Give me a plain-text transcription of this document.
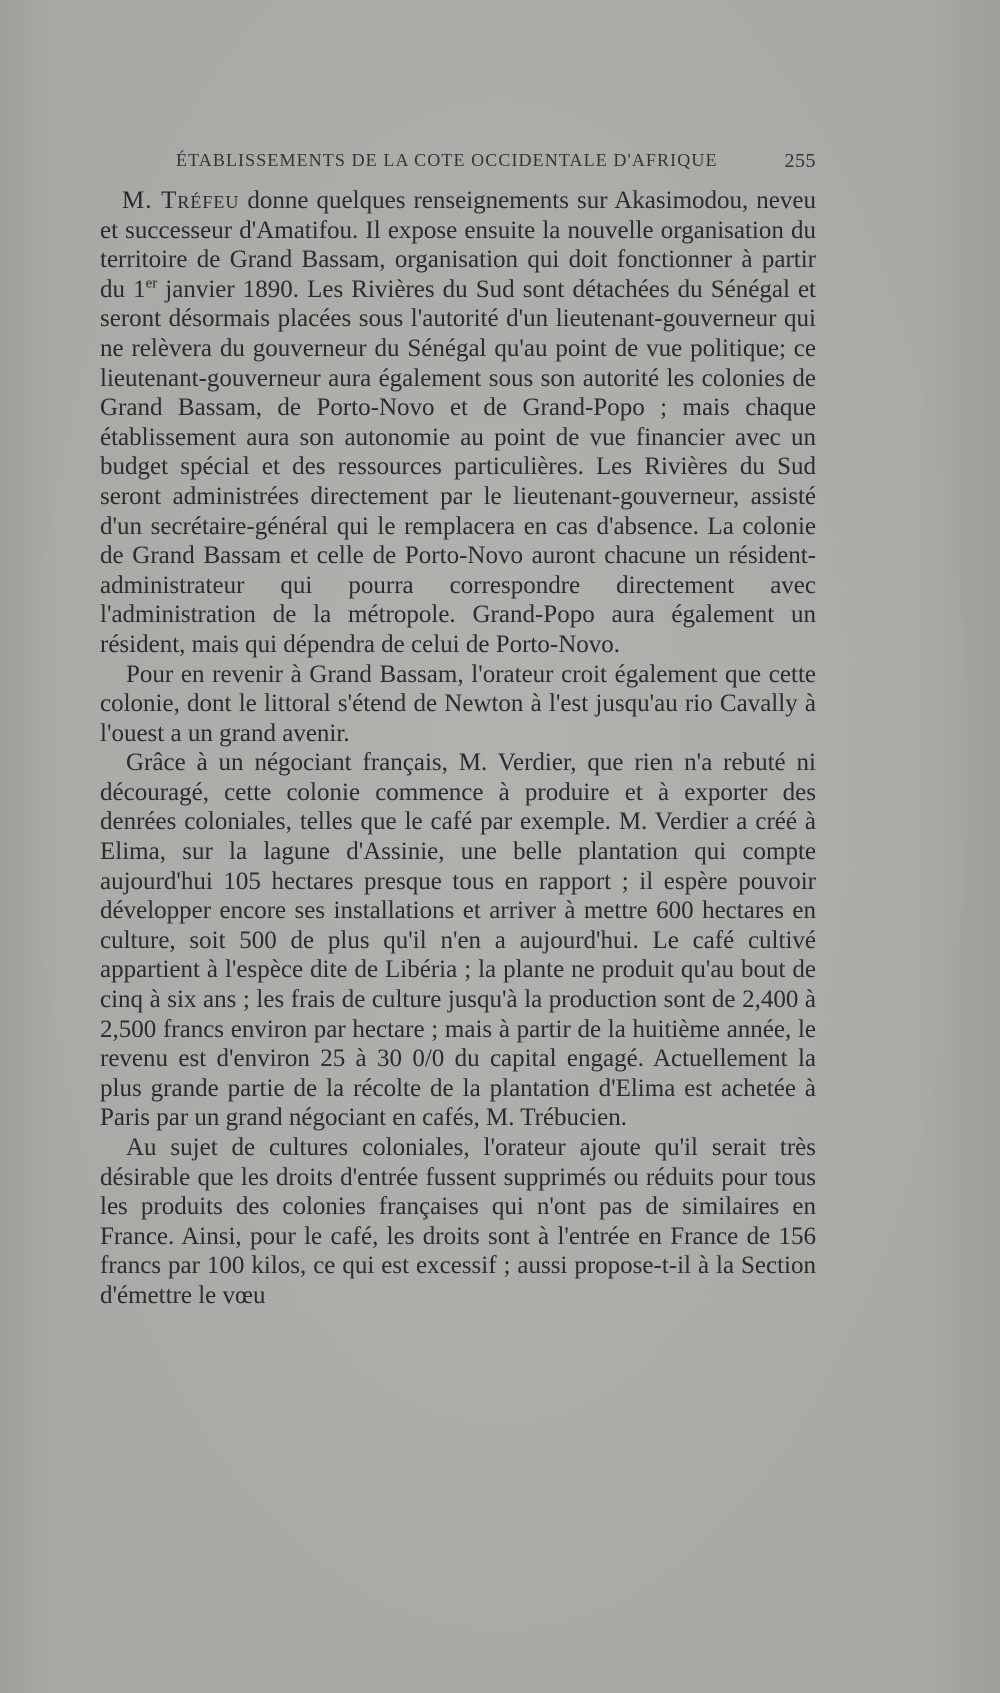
ÉTABLISSEMENTS DE LA COTE OCCIDENTALE D'AFRIQUE	255

M. Tréfeu donne quelques renseignements sur Akasimodou, neveu et successeur d'Amatifou. Il expose ensuite la nouvelle organisation du territoire de Grand Bassam, organisation qui doit fonctionner à partir du 1er janvier 1890. Les Rivières du Sud sont détachées du Sénégal et seront désormais placées sous l'autorité d'un lieutenant-gouverneur qui ne relèvera du gouverneur du Sénégal qu'au point de vue politique; ce lieutenant-gouverneur aura également sous son autorité les colonies de Grand Bassam, de Porto-Novo et de Grand-Popo ; mais chaque établissement aura son autonomie au point de vue financier avec un budget spécial et des ressources particulières. Les Rivières du Sud seront administrées directement par le lieutenant-gouverneur, assisté d'un secrétaire-général qui le remplacera en cas d'absence. La colonie de Grand Bassam et celle de Porto-Novo auront chacune un résident-administrateur qui pourra correspondre directement avec l'administration de la métropole. Grand-Popo aura également un résident, mais qui dépendra de celui de Porto-Novo.

Pour en revenir à Grand Bassam, l'orateur croit également que cette colonie, dont le littoral s'étend de Newton à l'est jusqu'au rio Cavally à l'ouest a un grand avenir.

Grâce à un négociant français, M. Verdier, que rien n'a rebuté ni découragé, cette colonie commence à produire et à exporter des denrées coloniales, telles que le café par exemple. M. Verdier a créé à Elima, sur la lagune d'Assinie, une belle plantation qui compte aujourd'hui 105 hectares presque tous en rapport ; il espère pouvoir développer encore ses installations et arriver à mettre 600 hectares en culture, soit 500 de plus qu'il n'en a aujourd'hui. Le café cultivé appartient à l'espèce dite de Libéria ; la plante ne produit qu'au bout de cinq à six ans ; les frais de culture jusqu'à la production sont de 2,400 à 2,500 francs environ par hectare ; mais à partir de la huitième année, le revenu est d'environ 25 à 30 0/0 du capital engagé. Actuellement la plus grande partie de la récolte de la plantation d'Elima est achetée à Paris par un grand négociant en cafés, M. Trébucien.

Au sujet de cultures coloniales, l'orateur ajoute qu'il serait très désirable que les droits d'entrée fussent supprimés ou réduits pour tous les produits des colonies françaises qui n'ont pas de similaires en France. Ainsi, pour le café, les droits sont à l'entrée en France de 156 francs par 100 kilos, ce qui est excessif ; aussi propose-t-il à la Section d'émettre le vœu
